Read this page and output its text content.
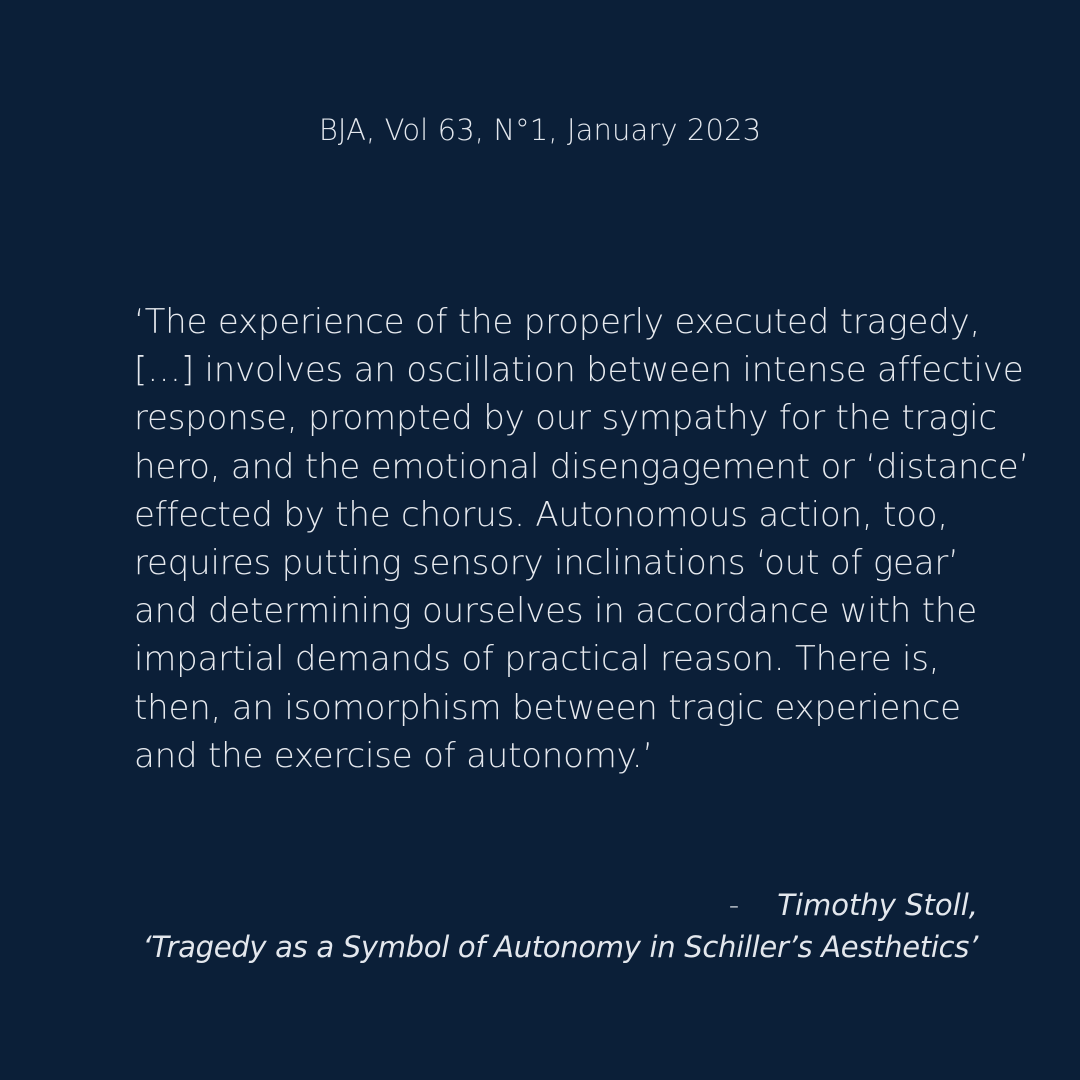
BJA, Vol 63, N°1, January 2023
‘The experience of the properly executed tragedy,
[…] involves an oscillation between intense affective
response, prompted by our sympathy for the tragic
hero, and the emotional disengagement or ‘distance’
effected by the chorus. Autonomous action, too,
requires putting sensory inclinations ‘out of gear’
and determining ourselves in accordance with the
impartial demands of practical reason. There is,
then, an isomorphism between tragic experience
and the exercise of autonomy.’
- Timothy Stoll,
‘Tragedy as a Symbol of Autonomy in Schiller’s Aesthetics’
